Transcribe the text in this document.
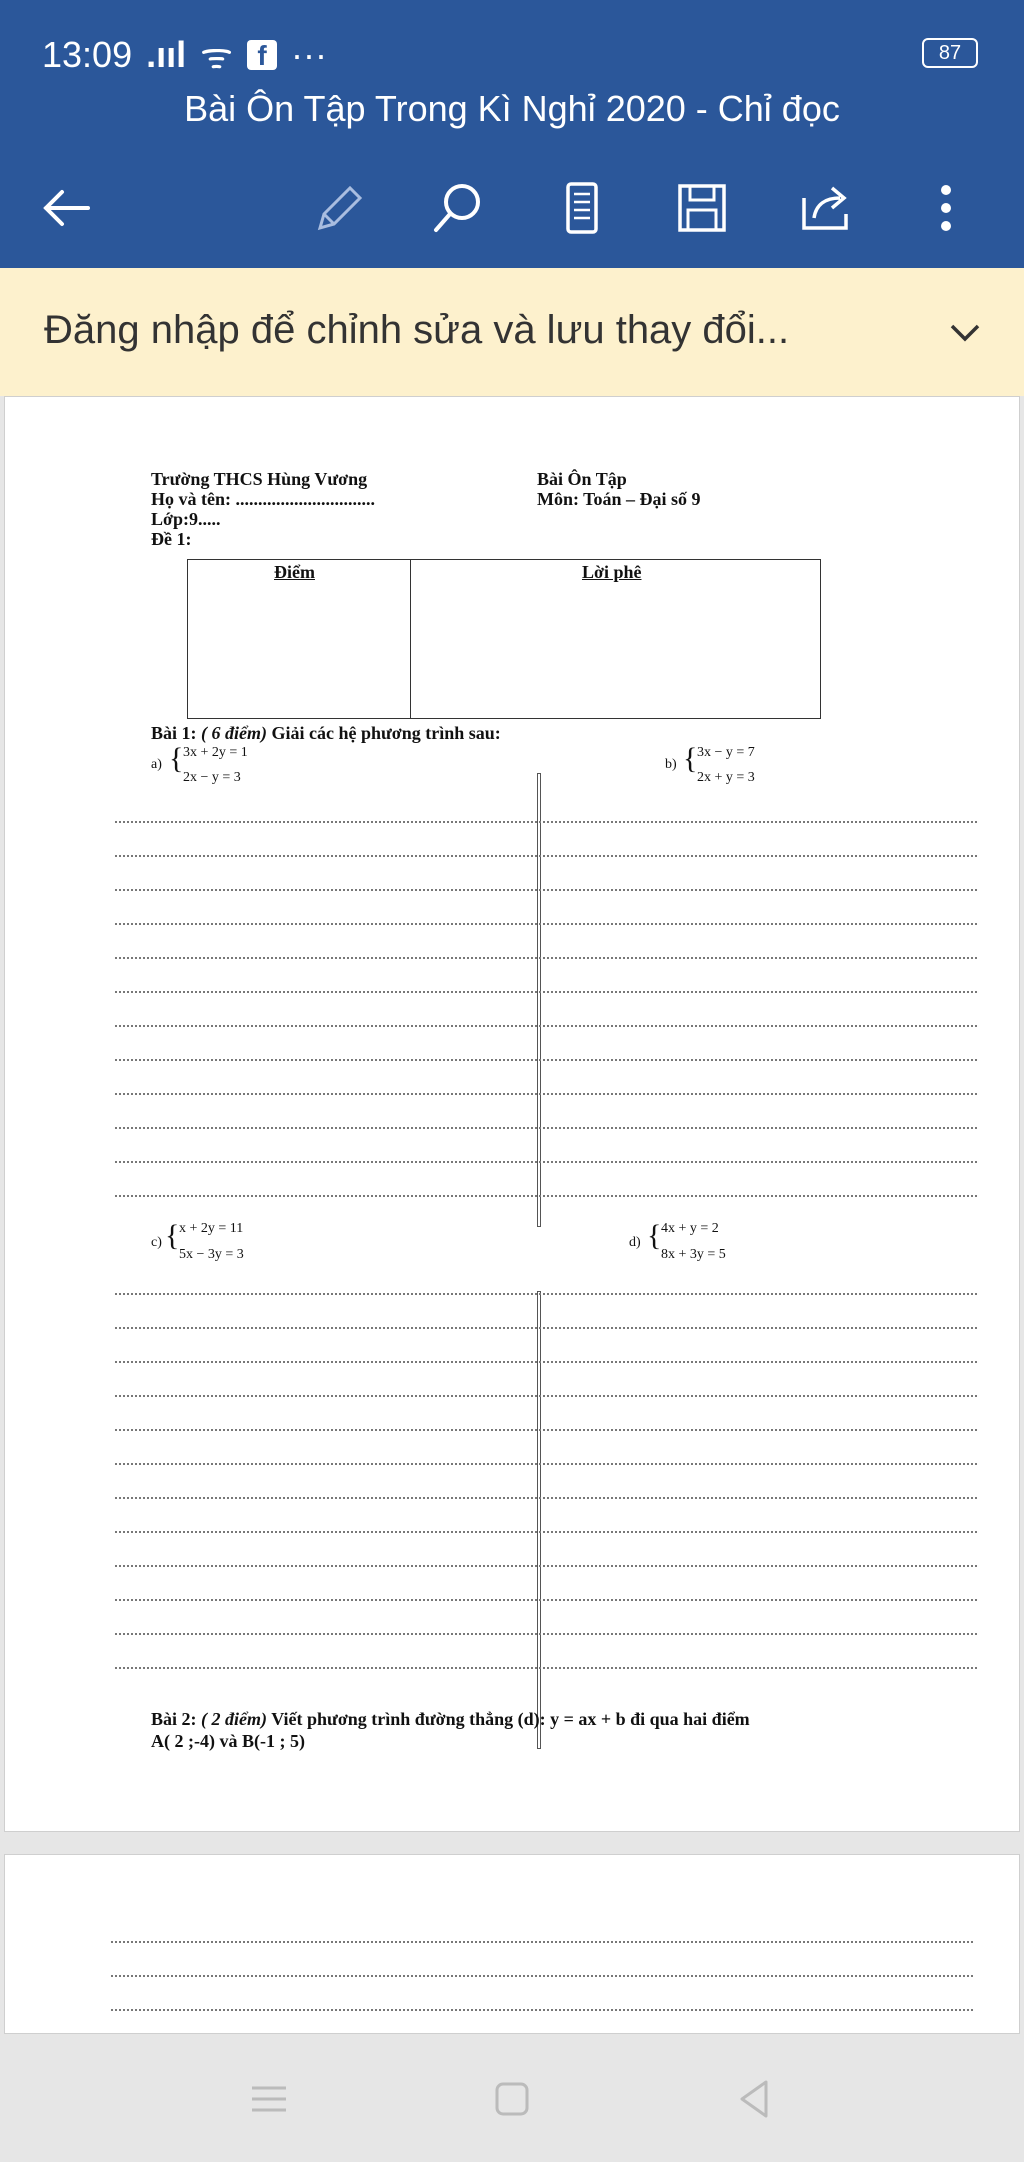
13:09 .ııl ᯤ f ···	87
Bài Ôn Tập Trong Kì Nghỉ 2020 - Chỉ đọc
Đăng nhập để chỉnh sửa và lưu thay đổi...
Trường THCS Hùng Vương
Họ và tên: ...............................
Lớp:9.....
Đề 1:
Bài Ôn Tập
Môn: Toán – Đại số 9
Điểm	Lời phê
Bài 1: ( 6 điểm) Giải các hệ phương trình sau:
a) { 3x + 2y = 1
2x − y = 3
b) { 3x − y = 7
2x + y = 3
c) { x + 2y = 11
5x − 3y = 3
d) { 4x + y = 2
8x + 3y = 5
Bài 2: ( 2 điểm) Viết phương trình đường thẳng (d): y = ax + b đi qua hai điểm
A( 2 ;-4) và B(-1 ; 5)
